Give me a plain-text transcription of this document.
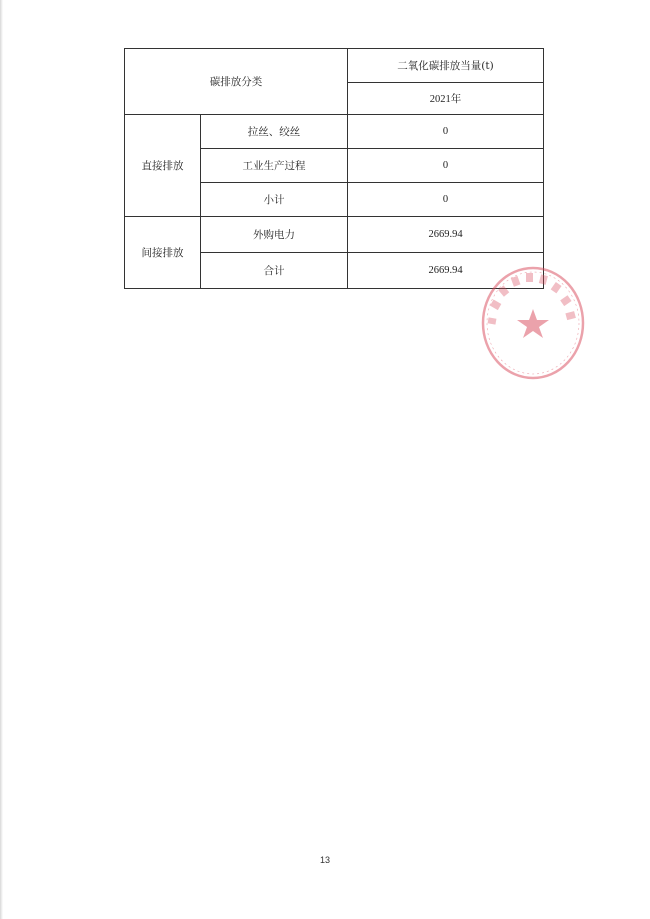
碳排放分类		二氧化碳排放当量(t)
		2021年
直接排放	拉丝、绞丝	0
	工业生产过程	0
	小计	0
间接排放	外购电力	2669.94
	合计	2669.94
13
